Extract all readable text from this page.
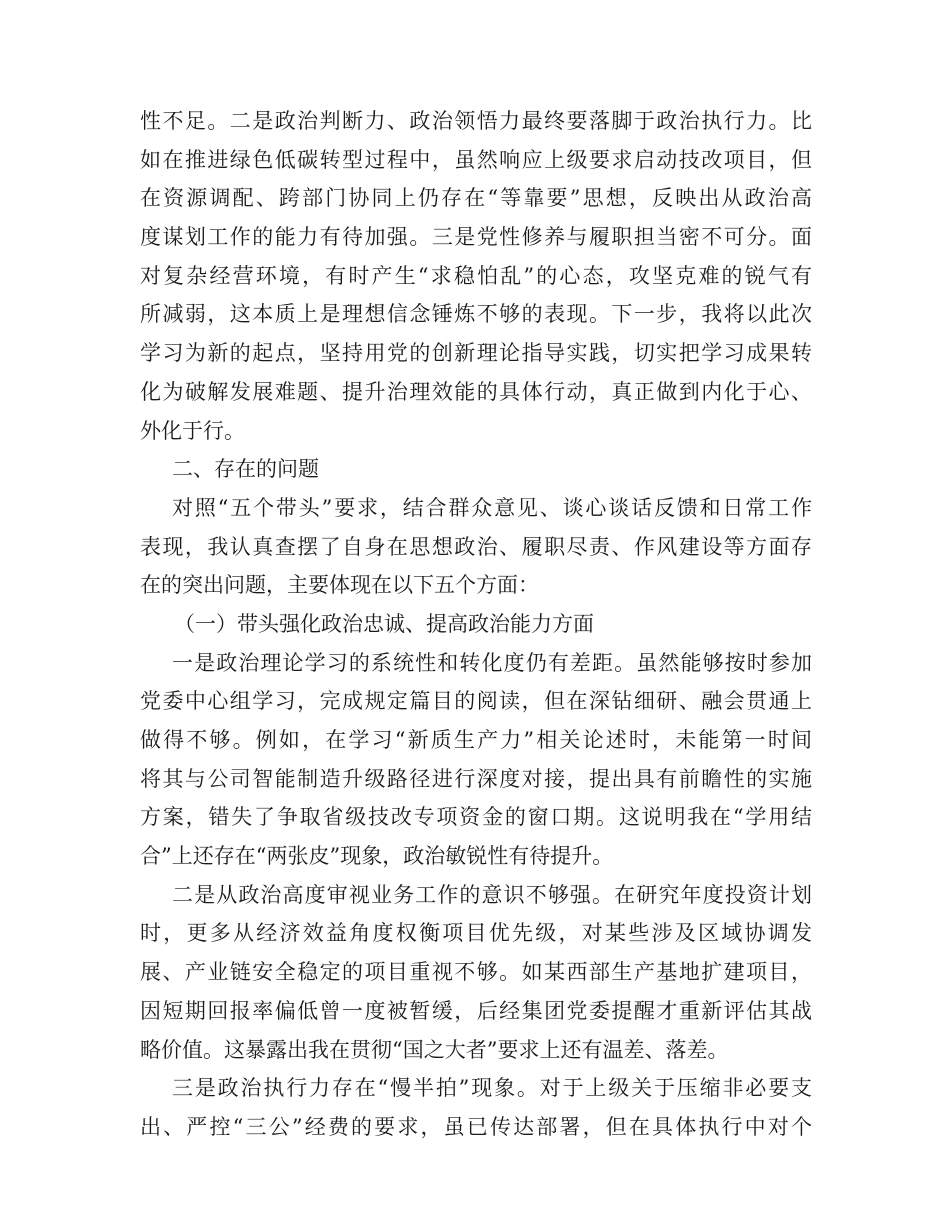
性不足。二是政治判断力、政治领悟力最终要落脚于政治执行力。比
如在推进绿色低碳转型过程中，虽然响应上级要求启动技改项目，但
在资源调配、跨部门协同上仍存在“等靠要”思想，反映出从政治高
度谋划工作的能力有待加强。三是党性修养与履职担当密不可分。面
对复杂经营环境，有时产生“求稳怕乱”的心态，攻坚克难的锐气有
所减弱，这本质上是理想信念锤炼不够的表现。下一步，我将以此次
学习为新的起点，坚持用党的创新理论指导实践，切实把学习成果转
化为破解发展难题、提升治理效能的具体行动，真正做到内化于心、
外化于行。
二、存在的问题
对照“五个带头”要求，结合群众意见、谈心谈话反馈和日常工作
表现，我认真查摆了自身在思想政治、履职尽责、作风建设等方面存
在的突出问题，主要体现在以下五个方面：
（一）带头强化政治忠诚、提高政治能力方面
一是政治理论学习的系统性和转化度仍有差距。虽然能够按时参加
党委中心组学习，完成规定篇目的阅读，但在深钻细研、融会贯通上
做得不够。例如，在学习“新质生产力”相关论述时，未能第一时间
将其与公司智能制造升级路径进行深度对接，提出具有前瞻性的实施
方案，错失了争取省级技改专项资金的窗口期。这说明我在“学用结
合”上还存在“两张皮”现象，政治敏锐性有待提升。
二是从政治高度审视业务工作的意识不够强。在研究年度投资计划
时，更多从经济效益角度权衡项目优先级，对某些涉及区域协调发
展、产业链安全稳定的项目重视不够。如某西部生产基地扩建项目，
因短期回报率偏低曾一度被暂缓，后经集团党委提醒才重新评估其战
略价值。这暴露出我在贯彻“国之大者”要求上还有温差、落差。
三是政治执行力存在“慢半拍”现象。对于上级关于压缩非必要支
出、严控“三公”经费的要求，虽已传达部署，但在具体执行中对个
